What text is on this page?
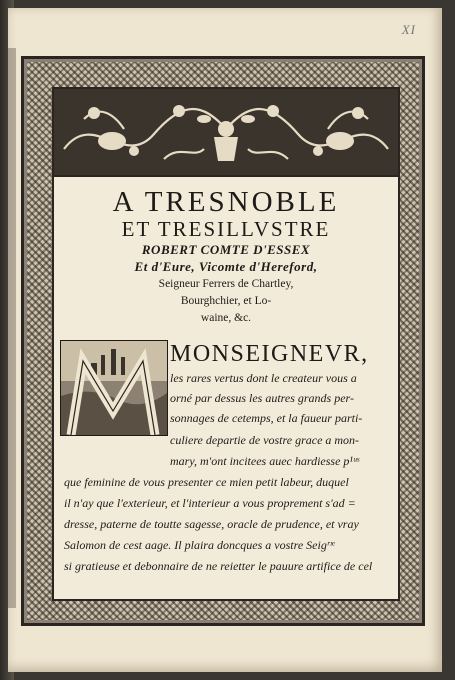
XI
A TRESNOBLE
ET TRESILLVSTRE
ROBERT COMTE D'ESSEX
Et d'Eure, Vicomte d'Hereford,
Seigneur Ferrers de Chartley,
Bourghchier, et Lo-
waine, &c.
MONSEIGNEVR,
les rares vertus dont le createur vous a
orné par dessus les autres grands per-
sonnages de cetemps, et la faueur parti-
culiere departie de vostre grace a mon-
mary, m'ont incitees auec hardiesse p¹ᵘˢ
que feminine de vous presenter ce mien petit labeur, duquel
il n'ay que l'exterieur, et l'interieur a vous proprement s'ad =
dresse, paterne de toutte sagesse, oracle de prudence, et vray
Salomon de cest aage. Il plaira doncques a vostre Seigʳᶦᵉ
si gratieuse et debonnaire de ne reietter le pauure artifice de cel
